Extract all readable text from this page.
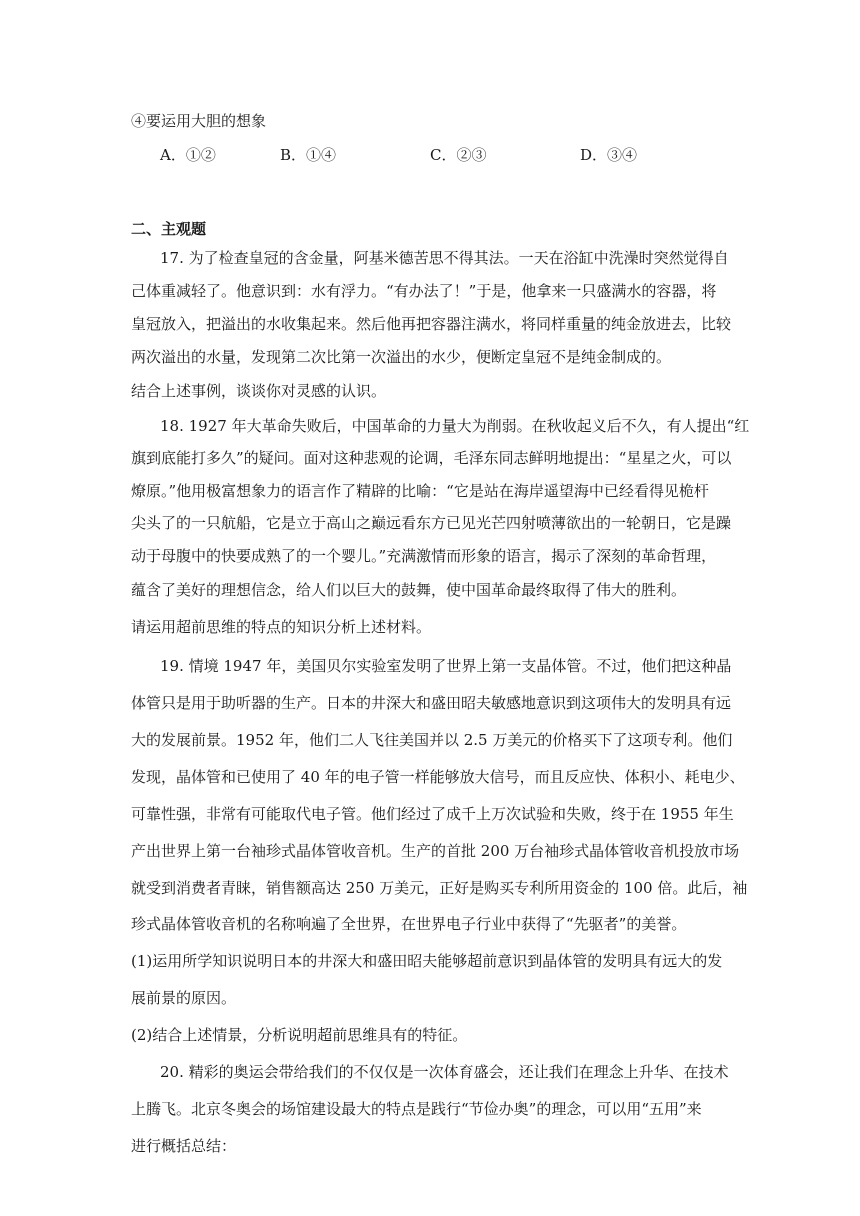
④要运用大胆的想象
A．①②	B．①④	C．②③	D．③④
二、主观题
17. 为了检查皇冠的含金量，阿基米德苦思不得其法。一天在浴缸中洗澡时突然觉得自
己体重减轻了。他意识到：水有浮力。“有办法了！”于是，他拿来一只盛满水的容器，将
皇冠放入，把溢出的水收集起来。然后他再把容器注满水，将同样重量的纯金放进去，比较
两次溢出的水量，发现第二次比第一次溢出的水少，便断定皇冠不是纯金制成的。
结合上述事例，谈谈你对灵感的认识。
18. 1927 年大革命失败后，中国革命的力量大为削弱。在秋收起义后不久，有人提出“红
旗到底能打多久”的疑问。面对这种悲观的论调，毛泽东同志鲜明地提出：“星星之火，可以
燎原。”他用极富想象力的语言作了精辟的比喻：“它是站在海岸遥望海中已经看得见桅杆
尖头了的一只航船，它是立于高山之巅远看东方已见光芒四射喷薄欲出的一轮朝日，它是躁
动于母腹中的快要成熟了的一个婴儿。”充满激情而形象的语言，揭示了深刻的革命哲理，
蕴含了美好的理想信念，给人们以巨大的鼓舞，使中国革命最终取得了伟大的胜利。
请运用超前思维的特点的知识分析上述材料。
19. 情境 1947 年，美国贝尔实验室发明了世界上第一支晶体管。不过，他们把这种晶
体管只是用于助听器的生产。日本的井深大和盛田昭夫敏感地意识到这项伟大的发明具有远
大的发展前景。1952 年，他们二人飞往美国并以 2.5 万美元的价格买下了这项专利。他们
发现，晶体管和已使用了 40 年的电子管一样能够放大信号，而且反应快、体积小、耗电少、
可靠性强，非常有可能取代电子管。他们经过了成千上万次试验和失败，终于在 1955 年生
产出世界上第一台袖珍式晶体管收音机。生产的首批 200 万台袖珍式晶体管收音机投放市场
就受到消费者青睐，销售额高达 250 万美元，正好是购买专利所用资金的 100 倍。此后，袖
珍式晶体管收音机的名称响遍了全世界，在世界电子行业中获得了“先驱者”的美誉。
(1)运用所学知识说明日本的井深大和盛田昭夫能够超前意识到晶体管的发明具有远大的发
展前景的原因。
(2)结合上述情景，分析说明超前思维具有的特征。
20. 精彩的奥运会带给我们的不仅仅是一次体育盛会，还让我们在理念上升华、在技术
上腾飞。北京冬奥会的场馆建设最大的特点是践行“节俭办奥”的理念，可以用“五用”来
进行概括总结：
